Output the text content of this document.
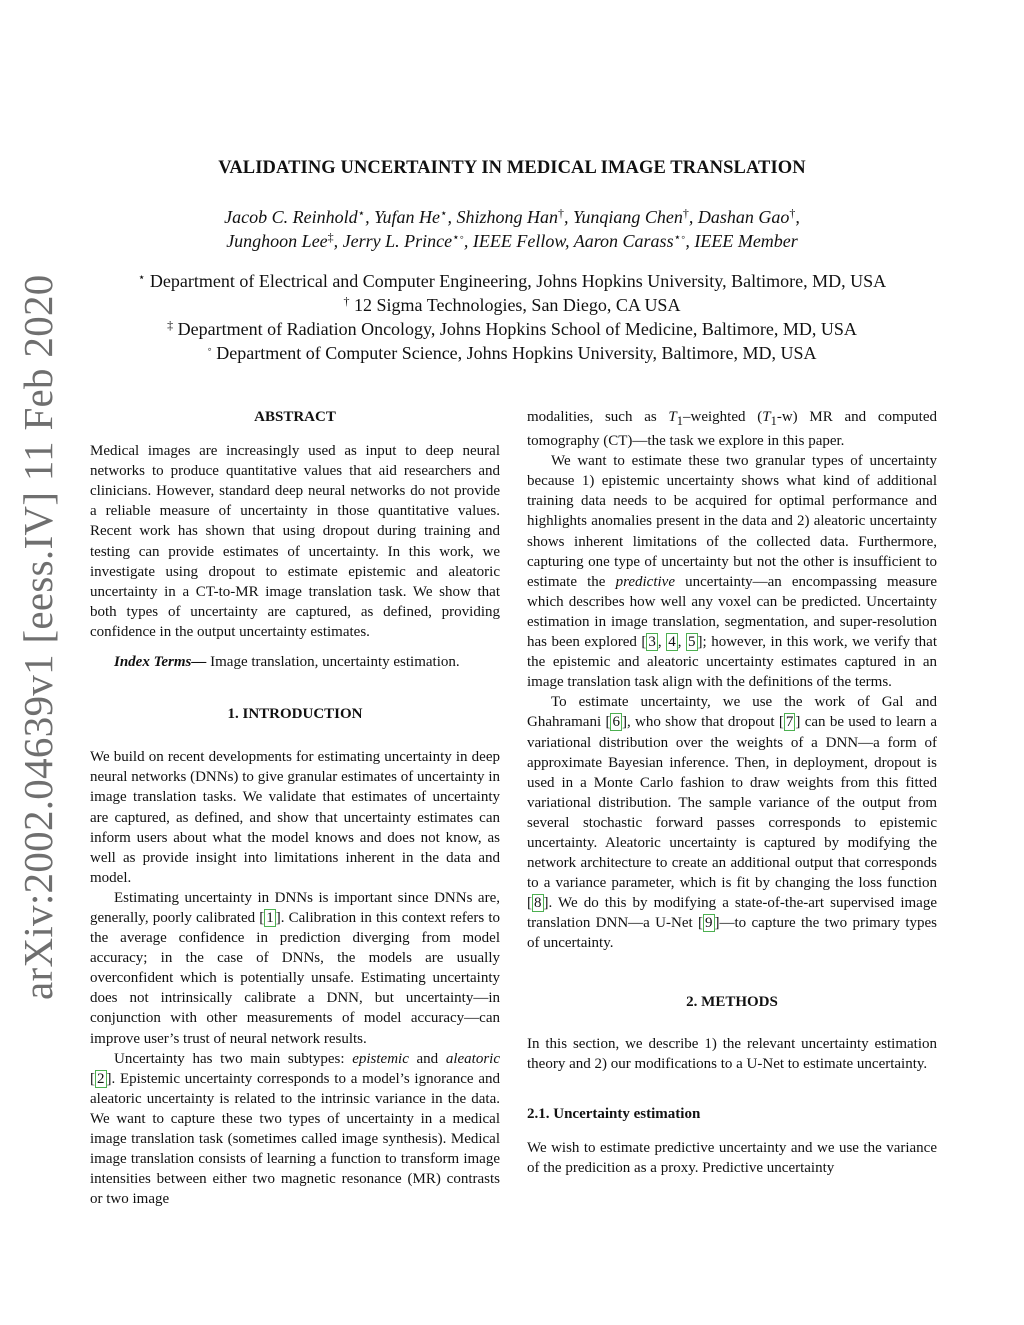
arXiv:2002.04639v1 [eess.IV] 11 Feb 2020
VALIDATING UNCERTAINTY IN MEDICAL IMAGE TRANSLATION
Jacob C. Reinhold⋆, Yufan He⋆, Shizhong Han†, Yunqiang Chen†, Dashan Gao†,
Junghoon Lee‡, Jerry L. Prince⋆◦, IEEE Fellow, Aaron Carass⋆◦, IEEE Member
⋆ Department of Electrical and Computer Engineering, Johns Hopkins University, Baltimore, MD, USA
† 12 Sigma Technologies, San Diego, CA USA
‡ Department of Radiation Oncology, Johns Hopkins School of Medicine, Baltimore, MD, USA
◦ Department of Computer Science, Johns Hopkins University, Baltimore, MD, USA
ABSTRACT

Medical images are increasingly used as input to deep neural networks to produce quantitative values that aid researchers and clinicians. However, standard deep neural networks do not provide a reliable measure of uncertainty in those quantitative values. Recent work has shown that using dropout during training and testing can provide estimates of uncertainty. In this work, we investigate using dropout to estimate epistemic and aleatoric uncertainty in a CT-to-MR image translation task. We show that both types of uncertainty are captured, as defined, providing confidence in the output uncertainty estimates.

Index Terms— Image translation, uncertainty estimation.

1. INTRODUCTION

We build on recent developments for estimating uncertainty in deep neural networks (DNNs) to give granular estimates of uncertainty in image translation tasks. We validate that estimates of uncertainty are captured, as defined, and show that uncertainty estimates can inform users about what the model knows and does not know, as well as provide insight into limitations inherent in the data and model.

Estimating uncertainty in DNNs is important since DNNs are, generally, poorly calibrated [ 1 ]. Calibration in this context refers to the average confidence in prediction diverging from model accuracy; in the case of DNNs, the models are usually overconfident which is potentially unsafe. Estimating uncertainty does not intrinsically calibrate a DNN, but uncertainty—in conjunction with other measurements of model accuracy—can improve user’s trust of neural network results.

Uncertainty has two main subtypes: epistemic and aleatoric [ 2 ]. Epistemic uncertainty corresponds to a model’s ignorance and aleatoric uncertainty is related to the intrinsic variance in the data. We want to capture these two types of uncertainty in a medical image translation task (sometimes called image synthesis). Medical image translation consists of learning a function to transform image intensities between either two magnetic resonance (MR) contrasts or two image

modalities, such as $T_1$–weighted $(T_1-w)$ MR and computed tomography (CT)—the task we explore in this paper.

We want to estimate these two granular types of uncertainty because 1) epistemic uncertainty shows what kind of additional training data needs to be acquired for optimal performance and highlights anomalies present in the data and 2) aleatoric uncertainty shows inherent limitations of the collected data. Furthermore, capturing one type of uncertainty but not the other is insufficient to estimate the predictive uncertainty—an encompassing measure which describes how well any voxel can be predicted. Uncertainty estimation in image translation, segmentation, and super-resolution has been explored [ 3 , 4 , 5 ]; however, in this work, we verify that the epistemic and aleatoric uncertainty estimates captured in an image translation task align with the definitions of the terms.

To estimate uncertainty, we use the work of Gal and Ghahramani [ 6 ], who show that dropout [ 7 ] can be used to learn a variational distribution over the weights of a DNN—a form of approximate Bayesian inference. Then, in deployment, dropout is used in a Monte Carlo fashion to draw weights from this fitted variational distribution. The sample variance of the output from several stochastic forward passes corresponds to epistemic uncertainty. Aleatoric uncertainty is captured by modifying the network architecture to create an additional output that corresponds to a variance parameter, which is fit by changing the loss function [ 8 ]. We do this by modifying a state-of-the-art supervised image translation DNN—a U-Net [ 9 ]—to capture the two primary types of uncertainty.

2. METHODS

In this section, we describe 1) the relevant uncertainty estimation theory and 2) our modifications to a U-Net to estimate uncertainty.

2.1. Uncertainty estimation

We wish to estimate predictive uncertainty and we use the variance of the predicition as a proxy. Predictive uncertainty
